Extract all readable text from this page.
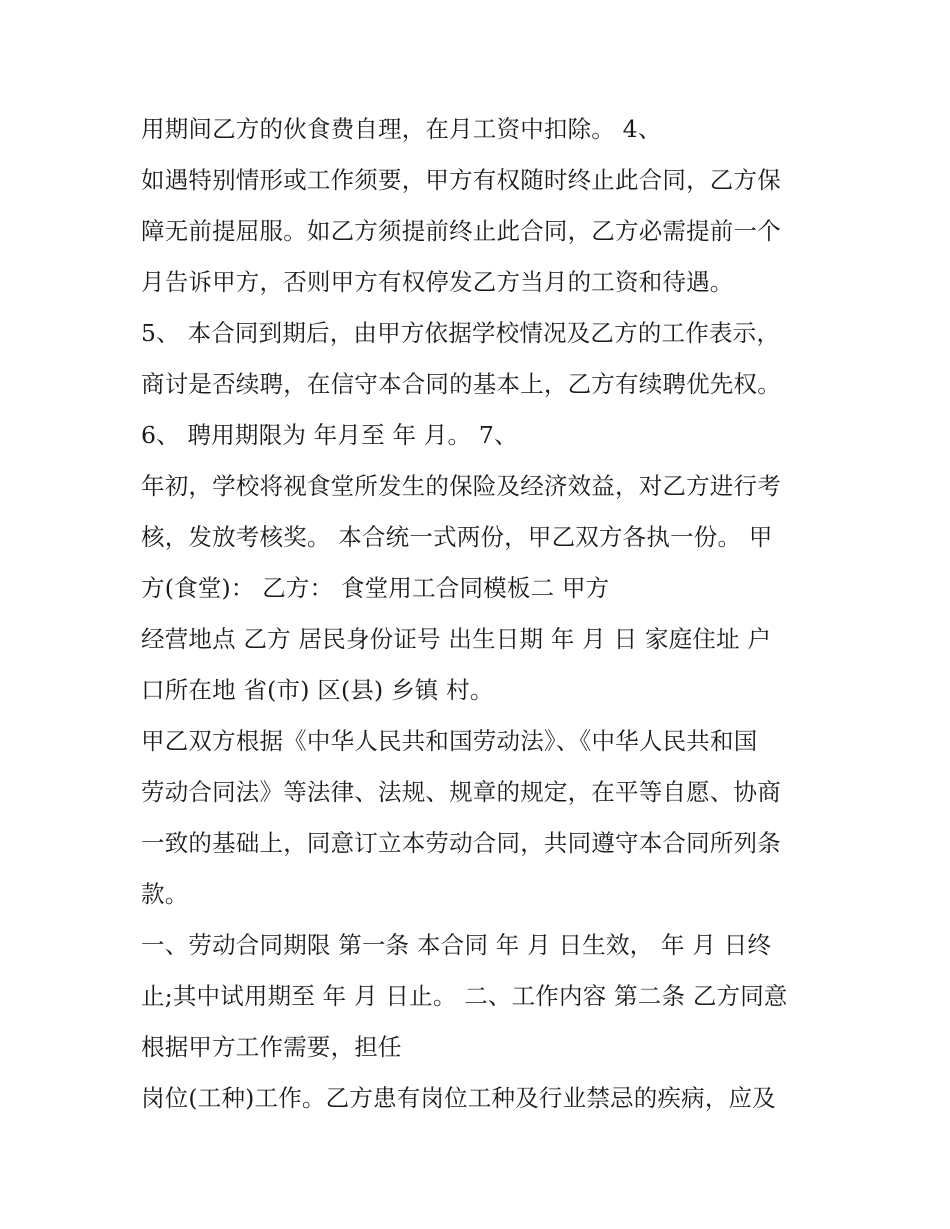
用期间乙方的伙食费自理，在月工资中扣除。 4、
如遇特别情形或工作须要，甲方有权随时终止此合同，乙方保
障无前提屈服。如乙方须提前终止此合同，乙方必需提前一个
月告诉甲方，否则甲方有权停发乙方当月的工资和待遇。
5、 本合同到期后，由甲方依据学校情况及乙方的工作表示，
商讨是否续聘，在信守本合同的基本上，乙方有续聘优先权。
6、 聘用期限为 年月至 年 月。 7、
年初，学校将视食堂所发生的保险及经济效益，对乙方进行考
核，发放考核奖。 本合统一式两份，甲乙双方各执一份。 甲
方(食堂)： 乙方： 食堂用工合同模板二 甲方
经营地点 乙方 居民身份证号 出生日期 年 月 日 家庭住址 户
口所在地 省(市) 区(县) 乡镇 村。
甲乙双方根据《中华人民共和国劳动法》、《中华人民共和国
劳动合同法》等法律、法规、规章的规定，在平等自愿、协商
一致的基础上，同意订立本劳动合同，共同遵守本合同所列条
款。
一、劳动合同期限 第一条 本合同 年 月 日生效， 年 月 日终
止;其中试用期至 年 月 日止。 二、工作内容 第二条 乙方同意
根据甲方工作需要，担任
岗位(工种)工作。乙方患有岗位工种及行业禁忌的疾病，应及
